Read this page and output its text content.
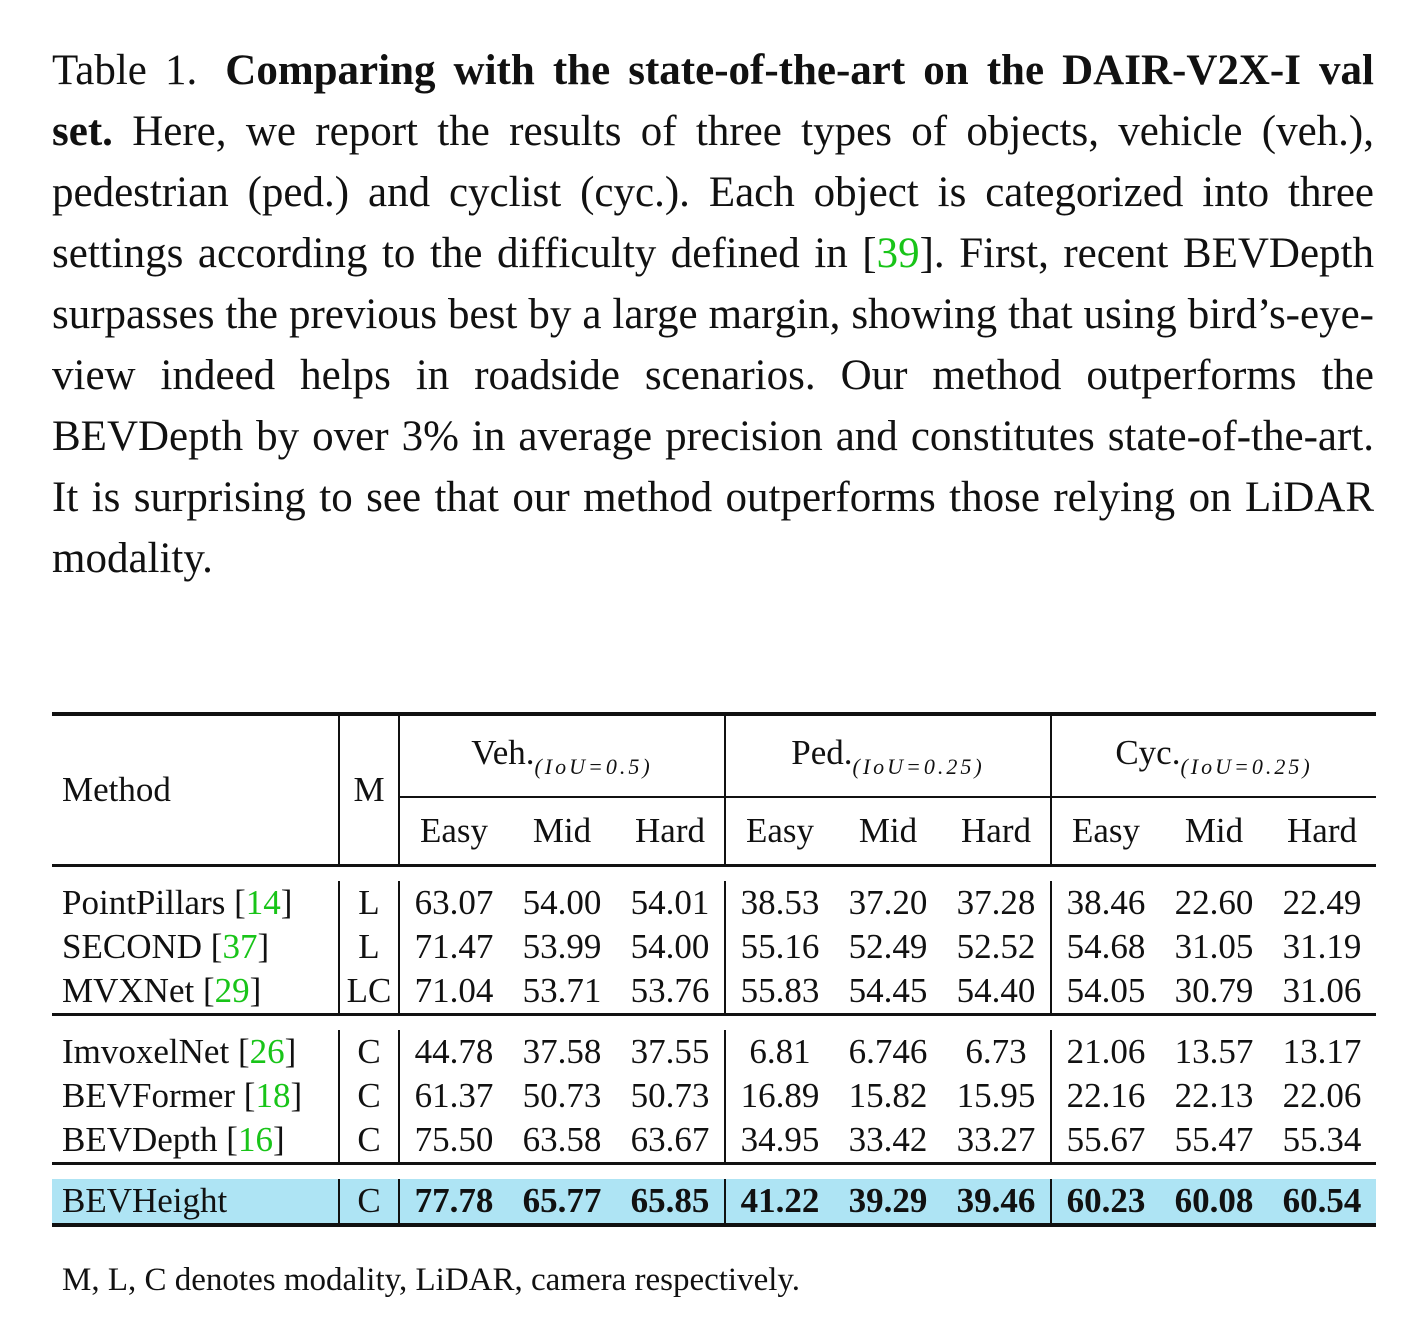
Table 1. Comparing with the state-of-the-art on the DAIR-V2X-I val set. Here, we report the results of three types of objects, vehicle (veh.), pedestrian (ped.) and cyclist (cyc.). Each object is categorized into three settings according to the difficulty defined in [39]. First, recent BEVDepth surpasses the previous best by a large margin, showing that using bird’s-eye-view indeed helps in roadside scenarios. Our method outperforms the BEVDepth by over 3% in average precision and constitutes state-of-the-art. It is surprising to see that our method outperforms those relying on LiDAR modality.
Method	M	$Veh._{(IoU=0.5)}$			$Ped._{(IoU=0.25)}$			$Cyc._{(IoU=0.25)}$
		Easy	Mid	Hard	Easy	Mid	Hard	Easy	Mid	Hard

PointPillars [14]	L	63.07	54.00	54.01	38.53	37.20	37.28	38.46	22.60	22.49
SECOND [37]	L	71.47	53.99	54.00	55.16	52.49	52.52	54.68	31.05	31.19
MVXNet [29]	LC	71.04	53.71	53.76	55.83	54.45	54.40	54.05	30.79	31.06

ImvoxelNet [26]	C	44.78	37.58	37.55	6.81	6.746	6.73	21.06	13.57	13.17
BEVFormer [18]	C	61.37	50.73	50.73	16.89	15.82	15.95	22.16	22.13	22.06
BEVDepth [16]	C	75.50	63.58	63.67	34.95	33.42	33.27	55.67	55.47	55.34

BEVHeight	C	77.78	65.77	65.85	41.22	39.29	39.46	60.23	60.08	60.54
M, L, C denotes modality, LiDAR, camera respectively.
